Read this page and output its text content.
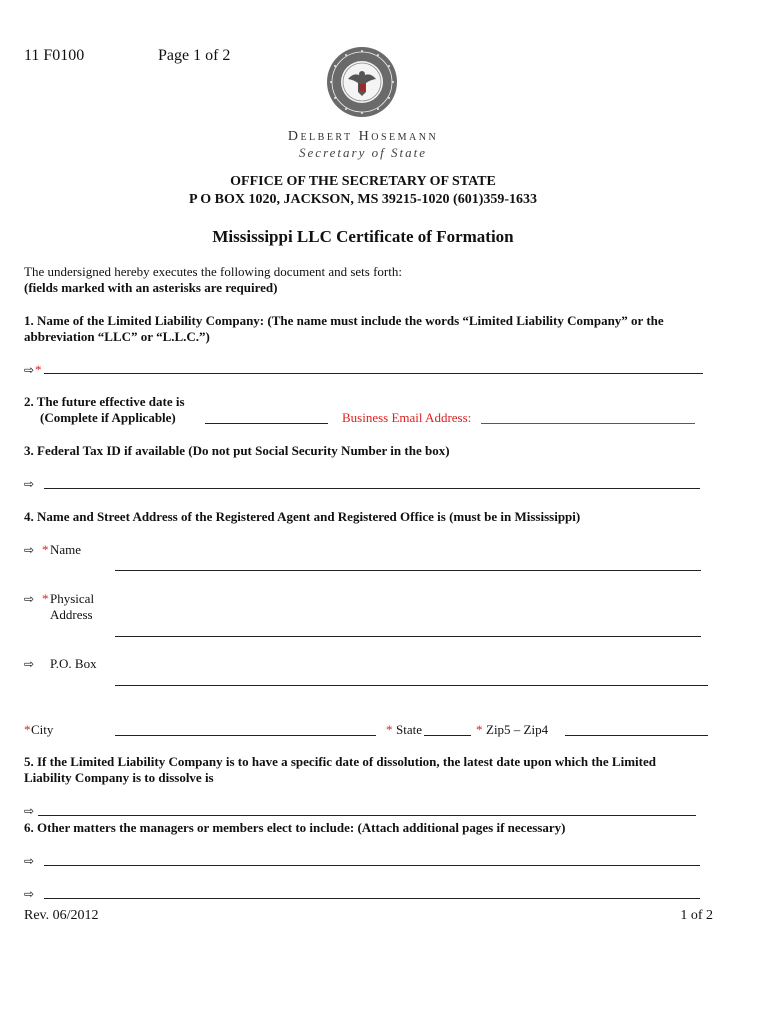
11 F0100	Page 1 of 2
Delbert Hosemann
Secretary of State
OFFICE OF THE SECRETARY OF STATE
P O BOX 1020, JACKSON, MS 39215-1020 (601)359-1633
Mississippi LLC Certificate of Formation
The undersigned hereby executes the following document and sets forth:
(fields marked with an asterisks are required)
1. Name of the Limited Liability Company: (The name must include the words “Limited Liability Company” or the
abbreviation “LLC” or “L.L.C.”)
⇨ *
2. The future effective date is
(Complete if Applicable)	Business Email Address:
3. Federal Tax ID if available (Do not put Social Security Number in the box)
⇨
4. Name and Street Address of the Registered Agent and Registered Office is (must be in Mississippi)
⇨ * Name
⇨ * Physical
Address
⇨ P.O. Box
* City	* State	* Zip5 – Zip4
5. If the Limited Liability Company is to have a specific date of dissolution, the latest date upon which the Limited
Liability Company is to dissolve is
⇨
6. Other matters the managers or members elect to include: (Attach additional pages if necessary)
⇨
⇨
Rev. 06/2012	1 of 2
